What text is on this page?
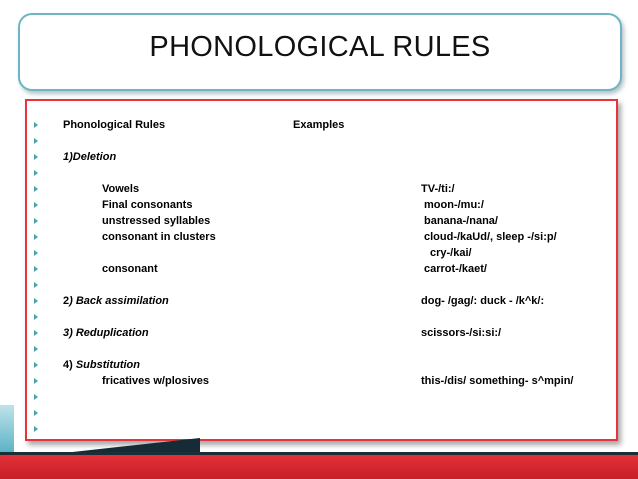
PHONOLOGICAL RULES
Phonological Rules	Examples
1)Deletion
Vowels	TV-/ti:/
Final consonants	moon-/mu:/
unstressed syllables	banana-/nana/
consonant in clusters	cloud-/kaUd/, sleep -/si:p/
cry-/kai/
consonant	carrot-/kaet/
2) Back assimilation	dog- /gag/: duck - /k^k/:
3) Reduplication	scissors-/si:si:/
4) Substitution
fricatives w/plosives	this-/dis/ something- s^mpin/
